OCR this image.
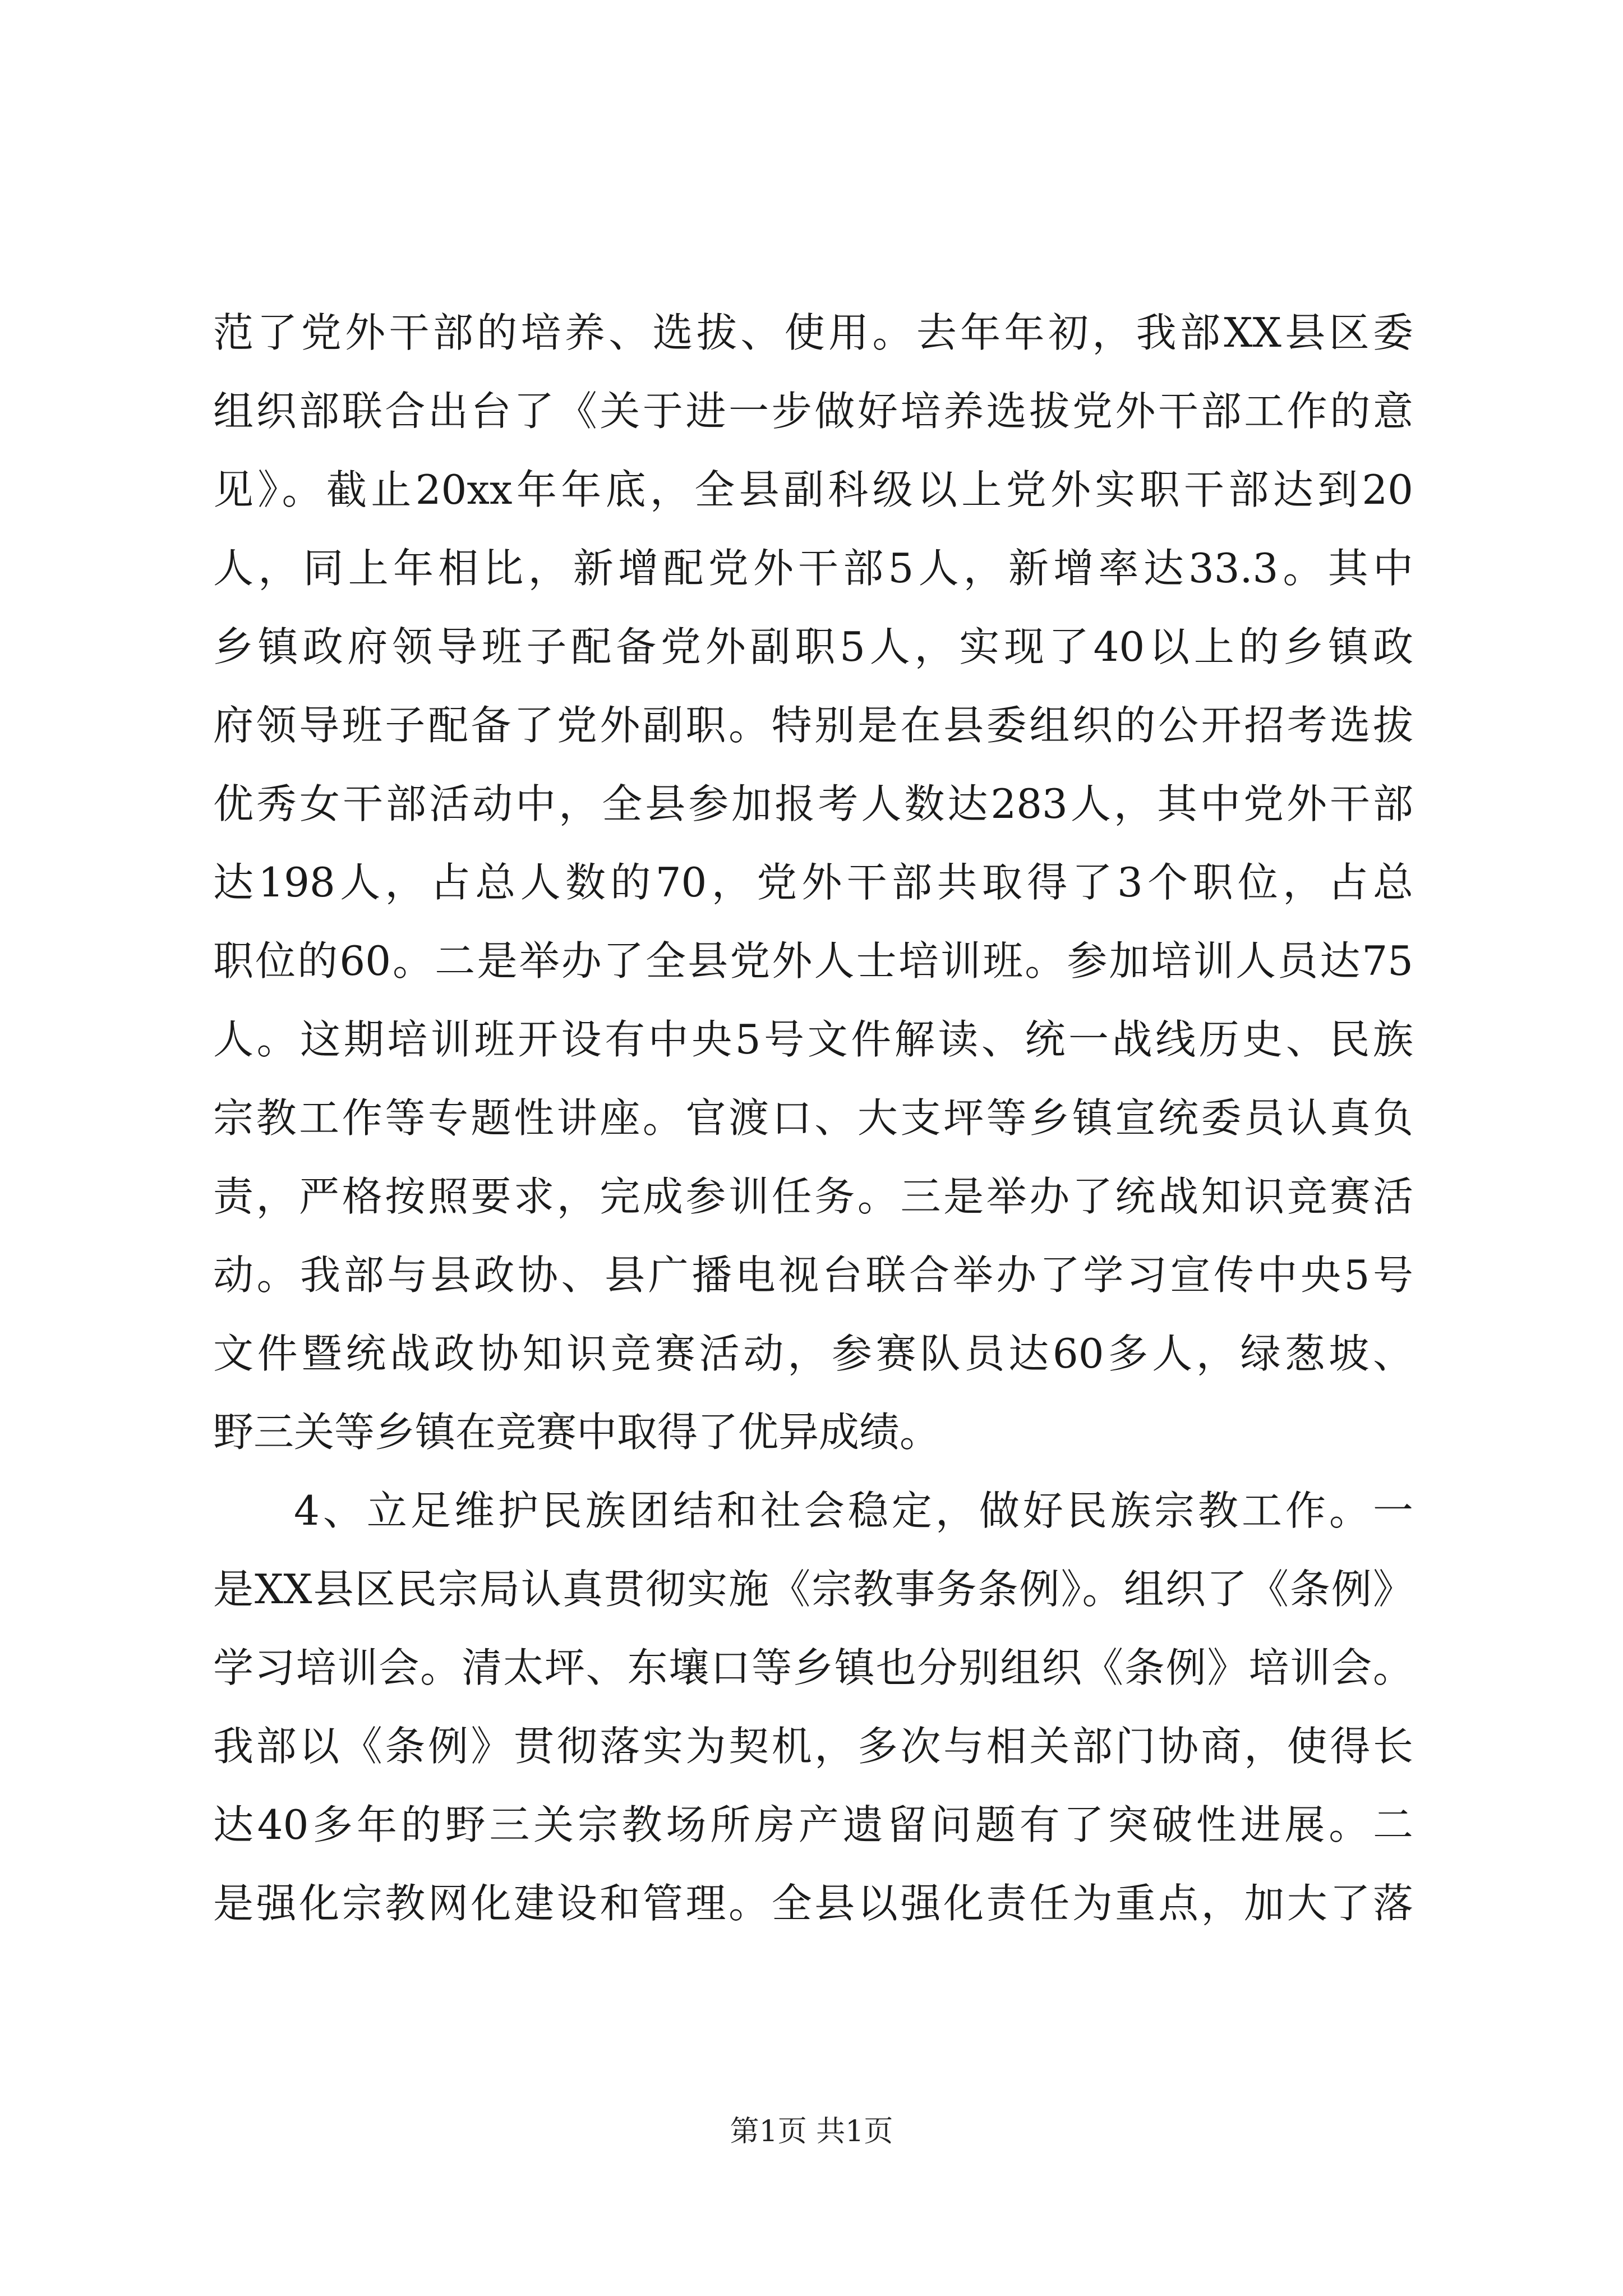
范了党外干部的培养、选拔、使用。去年年初，我部XX县区委
组织部联合出台了《关于进一步做好培养选拔党外干部工作的意
见》。截止20xx年年底，全县副科级以上党外实职干部达到20
人，同上年相比，新增配党外干部5人，新增率达33.3。其中
乡镇政府领导班子配备党外副职5人，实现了40以上的乡镇政
府领导班子配备了党外副职。特别是在县委组织的公开招考选拔
优秀女干部活动中，全县参加报考人数达283人，其中党外干部
达198人，占总人数的70，党外干部共取得了3个职位，占总
职位的60。二是举办了全县党外人士培训班。参加培训人员达75
人。这期培训班开设有中央5号文件解读、统一战线历史、民族
宗教工作等专题性讲座。官渡口、大支坪等乡镇宣统委员认真负
责，严格按照要求，完成参训任务。三是举办了统战知识竞赛活
动。我部与县政协、县广播电视台联合举办了学习宣传中央5号
文件暨统战政协知识竞赛活动，参赛队员达60多人，绿葱坡、
野三关等乡镇在竞赛中取得了优异成绩。
4、立足维护民族团结和社会稳定，做好民族宗教工作。一
是XX县区民宗局认真贯彻实施《宗教事务条例》。组织了《条例》
学习培训会。清太坪、东壤口等乡镇也分别组织《条例》培训会。
我部以《条例》贯彻落实为契机，多次与相关部门协商，使得长
达40多年的野三关宗教场所房产遗留问题有了突破性进展。二
是强化宗教网化建设和管理。全县以强化责任为重点，加大了落
第1页 共1页
